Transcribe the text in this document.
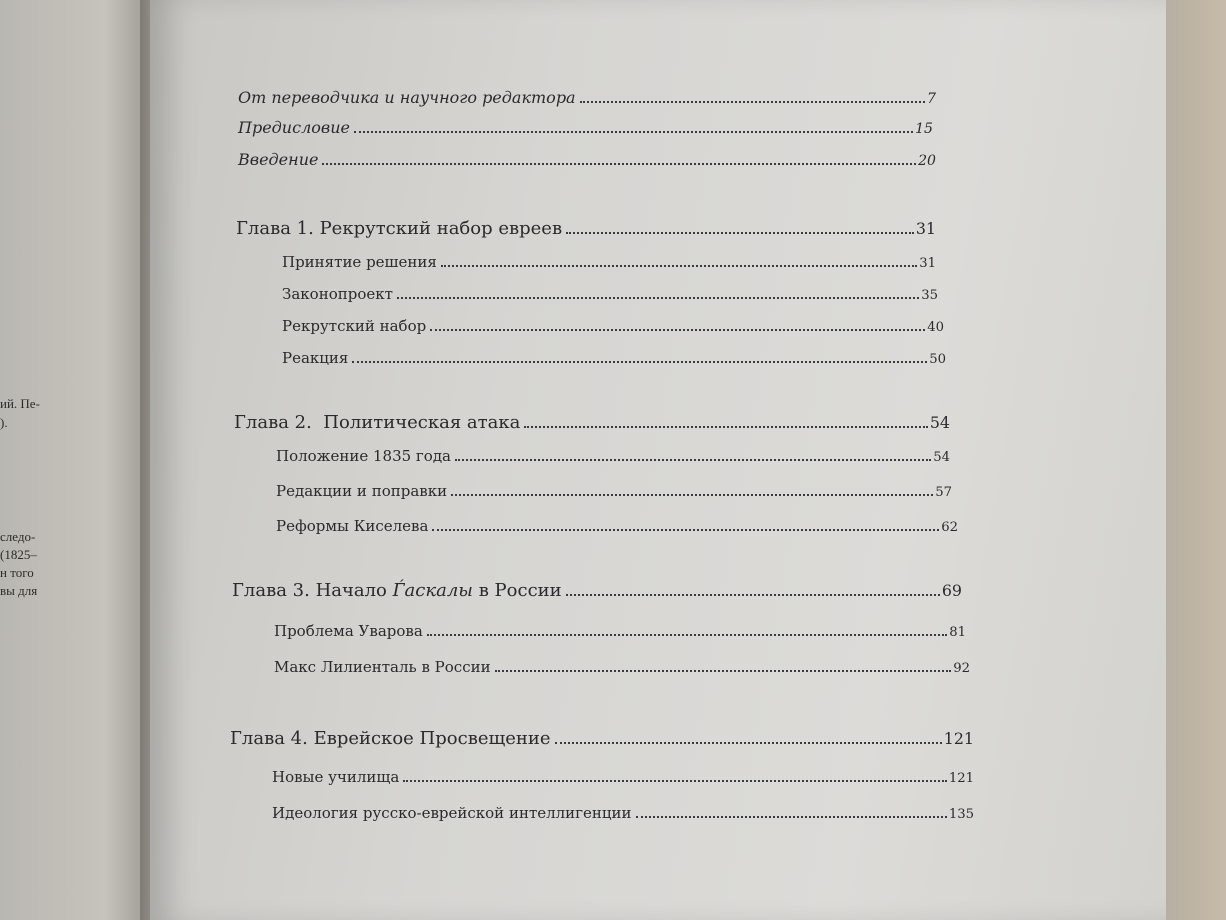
ий. Пе-
).
следо-
(1825–
н того
вы для
От переводчика и научного редактора	7
Предисловие	15
Введение	20
Глава 1. Рекрутский набор евреев	31
Принятие решения	31
Законопроект	35
Рекрутский набор	40
Реакция	50
Глава 2.  Политическая атака	54
Положение 1835 года	54
Редакции и поправки	57
Реформы Киселева	62
Глава 3. Начало Ѓаскалы в России	69
Проблема Уварова	81
Макс Лилиенталь в России	92
Глава 4. Еврейское Просвещение	121
Новые училища	121
Идеология русско-еврейской интеллигенции	135
